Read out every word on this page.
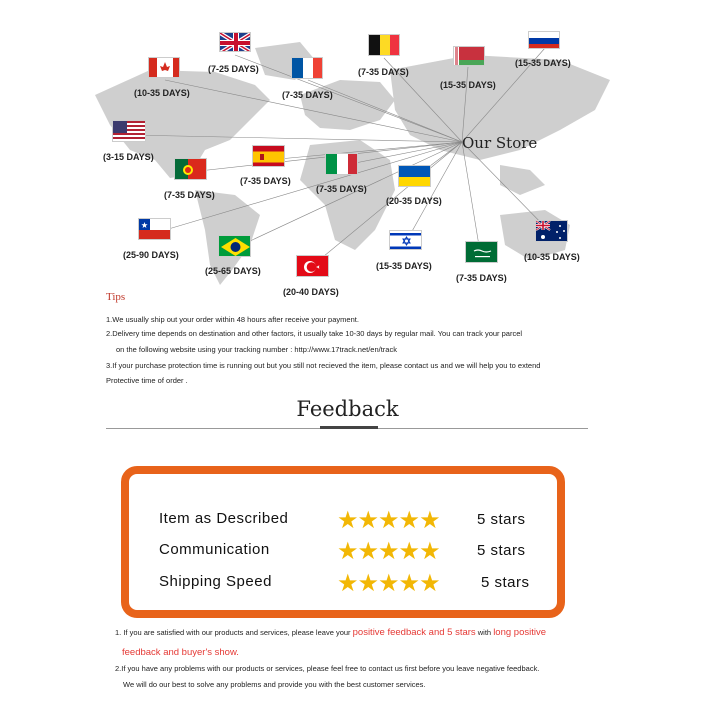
(7-25 DAYS)
(10-35 DAYS)	(7-35 DAYS)
(7-35 DAYS)
(15-35 DAYS)
(15-35 DAYS)
(3-15 DAYS)
(7-35 DAYS)
(7-35 DAYS)
(7-35 DAYS)
(20-35 DAYS)
(25-90 DAYS)
(25-65 DAYS)
(20-40 DAYS)
(15-35 DAYS)
(7-35 DAYS)
(10-35 DAYS)
Our Store
Tips
1.We usually ship out your order within 48 hours after receive your payment.
2.Delivery time depends on destination and other factors, it usually take 10-30 days by regular mail. You can track your parcel
on the following website using your tracking number : http://www.17track.net/en/track
3.If your purchase protection time is running out but you still not recieved the item, please contact us and we will help you to extend
Protective time of order .
Feedback
Item as Described ★★★★★ 5 stars
Communication	★★★★★ 5 stars
Shipping Speed	★★★★★	5 stars
1. If you are satisfied with our products and services, please leave your positive feedback and 5 stars with long positive
feedback and buyer's show.
2.If you have any problems with our products or services, please feel free to contact us first before you leave negative feedback.
We will do our best to solve any problems and provide you with the best customer services.
